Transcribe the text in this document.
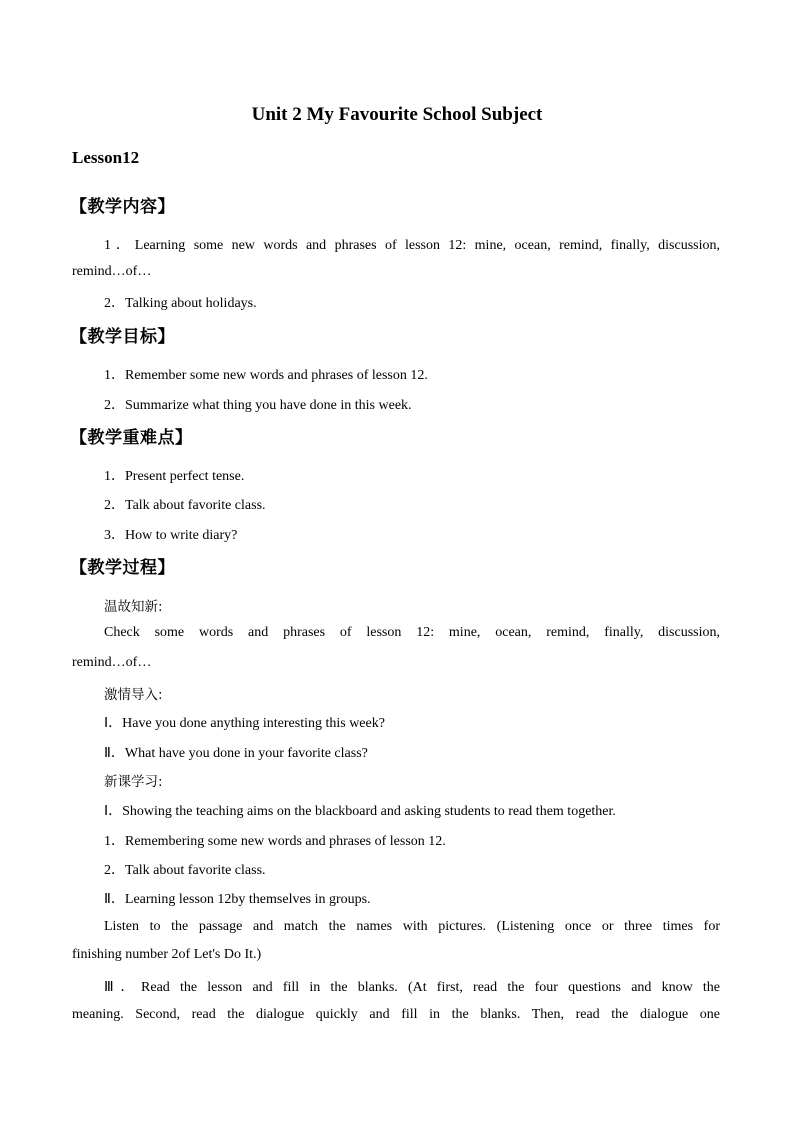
Unit 2 My Favourite School Subject
Lesson12
【教学内容】
1．Learning some new words and phrases of lesson 12: mine, ocean, remind, finally, discussion,
remind…of…
2．Talking about holidays.
【教学目标】
1．Remember some new words and phrases of lesson 12.
2．Summarize what thing you have done in this week.
【教学重难点】
1．Present perfect tense.
2．Talk about favorite class.
3．How to write diary?
【教学过程】
温故知新:
Check some words and phrases of lesson 12: mine, ocean, remind, finally, discussion,
remind…of…
激情导入:
Ⅰ．Have you done anything interesting this week?
Ⅱ．What have you done in your favorite class?
新课学习:
Ⅰ．Showing the teaching aims on the blackboard and asking students to read them together.
1．Remembering some new words and phrases of lesson 12.
2．Talk about favorite class.
Ⅱ．Learning lesson 12by themselves in groups.
Listen to the passage and match the names with pictures. (Listening once or three times for
finishing number 2of Let's Do It.)
Ⅲ．Read the lesson and fill in the blanks. (At first, read the four questions and know the
meaning. Second, read the dialogue quickly and fill in the blanks. Then, read the dialogue one
